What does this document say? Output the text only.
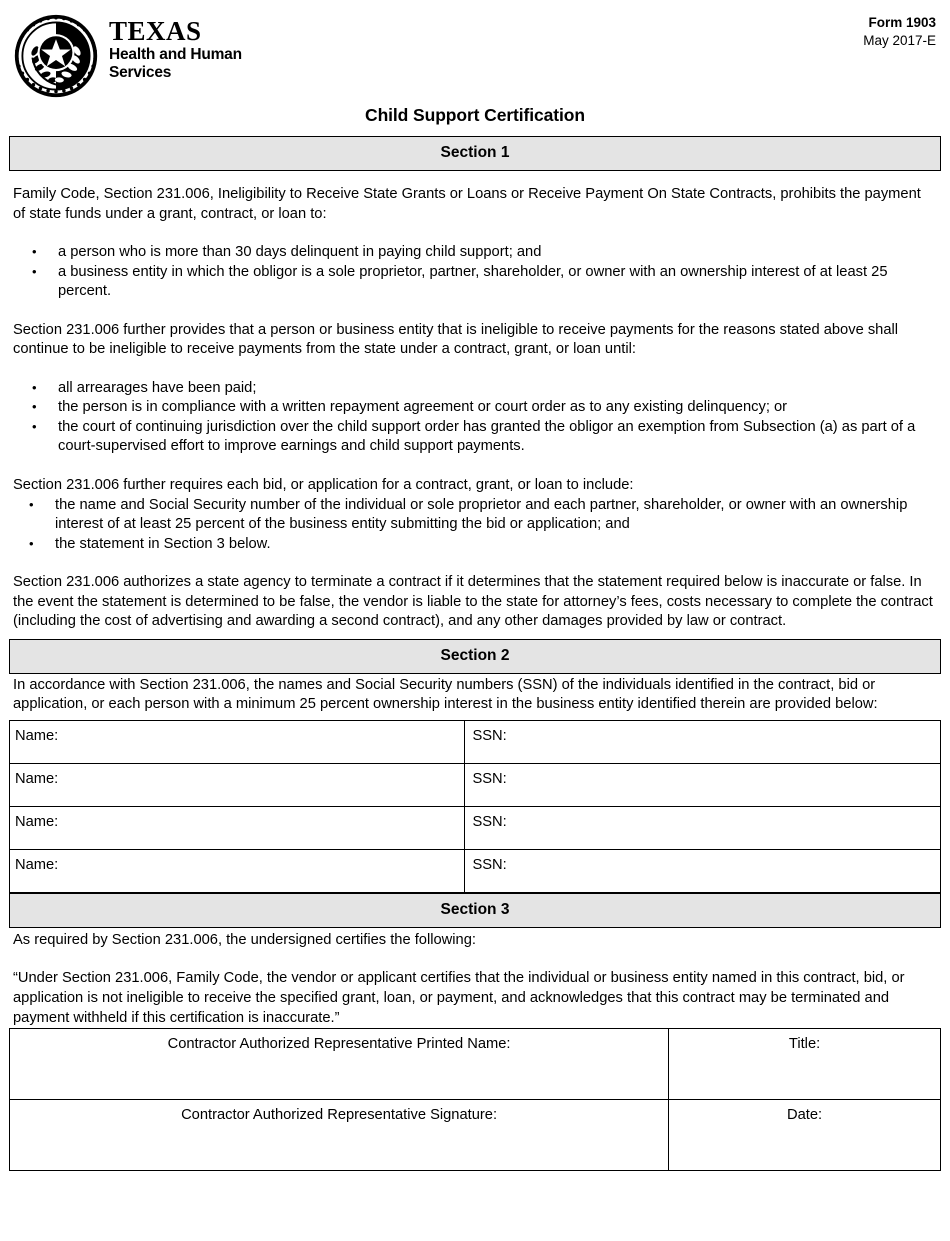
TEXAS
Health and Human
Services
Form 1903
May 2017-E
Child Support Certification
Section 1

Family Code, Section 231.006, Ineligibility to Receive State Grants or Loans or Receive Payment On State Contracts, prohibits the payment of state funds under a grant, contract, or loan to:

• a person who is more than 30 days delinquent in paying child support; and
• a business entity in which the obligor is a sole proprietor, partner, shareholder, or owner with an ownership interest of at least 25 percent.

Section 231.006 further provides that a person or business entity that is ineligible to receive payments for the reasons stated above shall continue to be ineligible to receive payments from the state under a contract, grant, or loan until:

• all arrearages have been paid;
• the person is in compliance with a written repayment agreement or court order as to any existing delinquency; or
• the court of continuing jurisdiction over the child support order has granted the obligor an exemption from Subsection (a) as part of a court-supervised effort to improve earnings and child support payments.

Section 231.006 further requires each bid, or application for a contract, grant, or loan to include:

• the name and Social Security number of the individual or sole proprietor and each partner, shareholder, or owner with an ownership interest of at least 25 percent of the business entity submitting the bid or application; and
• the statement in Section 3 below.

Section 231.006 authorizes a state agency to terminate a contract if it determines that the statement required below is inaccurate or false. In the event the statement is determined to be false, the vendor is liable to the state for attorney’s fees, costs necessary to complete the contract (including the cost of advertising and awarding a second contract), and any other damages provided by law or contract.

Section 2

In accordance with Section 231.006, the names and Social Security numbers (SSN) of the individuals identified in the contract, bid or application, or each person with a minimum 25 percent ownership interest in the business entity identified therein are provided below:

Name:	SSN:
Name:	SSN:
Name:	SSN:
Name:	SSN:
Section 3

As required by Section 231.006, the undersigned certifies the following:

“Under Section 231.006, Family Code, the vendor or applicant certifies that the individual or business entity named in this contract, bid, or application is not ineligible to receive the specified grant, loan, or payment, and acknowledges that this contract may be terminated and payment withheld if this certification is inaccurate.”

Contractor Authorized Representative Printed Name:	Title:
Contractor Authorized Representative Signature:	Date:
